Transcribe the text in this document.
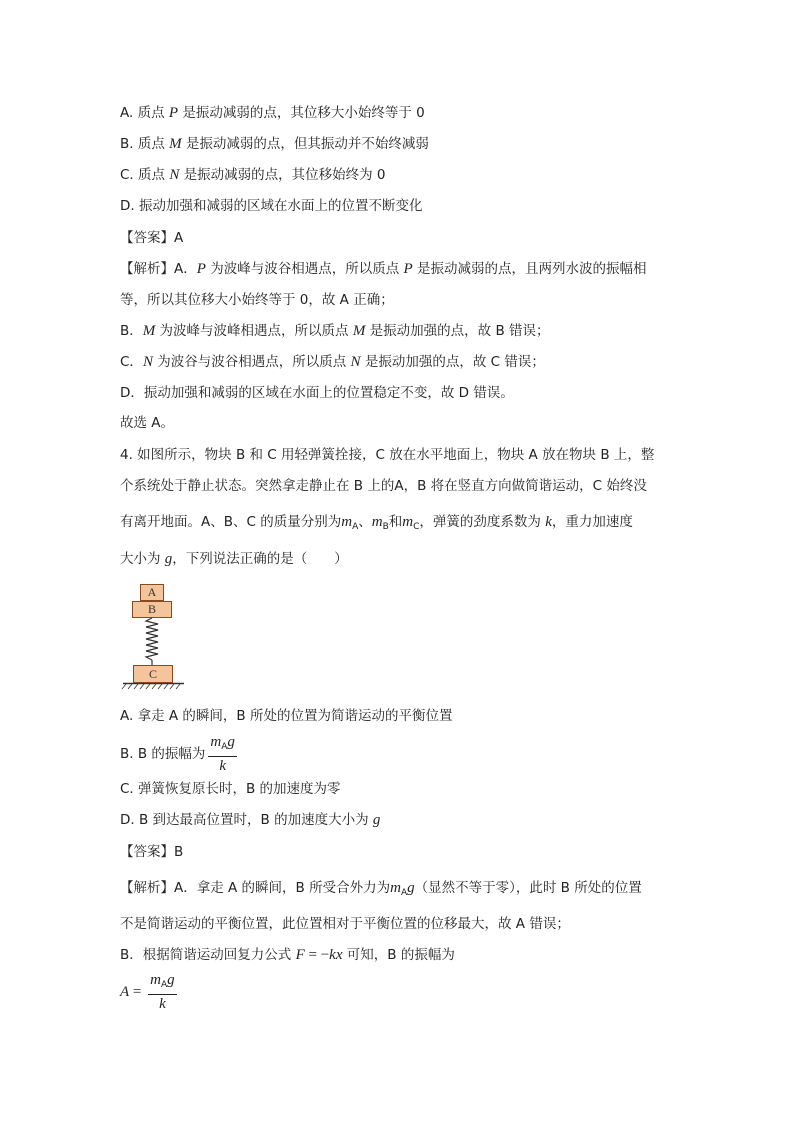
A. 质点 P 是振动减弱的点，其位移大小始终等于 0
B. 质点 M 是振动减弱的点，但其振动并不始终减弱
C. 质点 N 是振动减弱的点，其位移始终为 0
D. 振动加强和减弱的区域在水面上的位置不断变化
【答案】A
【解析】A．P 为波峰与波谷相遇点，所以质点 P 是振动减弱的点，且两列水波的振幅相
等，所以其位移大小始终等于 0，故 A 正确；
B．M 为波峰与波峰相遇点，所以质点 M 是振动加强的点，故 B 错误；
C．N 为波谷与波谷相遇点，所以质点 N 是振动加强的点，故 C 错误；
D．振动加强和减弱的区域在水面上的位置稳定不变，故 D 错误。
故选 A。
4. 如图所示，物块 B 和 C 用轻弹簧拴接，C 放在水平地面上，物块 A 放在物块 B 上，整
个系统处于静止状态。突然拿走静止在 B 上的A，B 将在竖直方向做简谐运动，C 始终没
有离开地面。A、B、C 的质量分别为$m_A$、$m_B$和$m_C$，弹簧的劲度系数为 k，重力加速度
大小为 g，下列说法正确的是（　　）
A
B
C
A. 拿走 A 的瞬间，B 所处的位置为简谐运动的平衡位置
B. B 的振幅为 $\frac{m_Ag}{k}$
C. 弹簧恢复原长时，B 的加速度为零
D. B 到达最高位置时，B 的加速度大小为 g
【答案】B
【解析】A．拿走 A 的瞬间，B 所受合外力为$m_Ag$（显然不等于零），此时 B 所处的位置
不是简谐运动的平衡位置，此位置相对于平衡位置的位移最大，故 A 错误；
B．根据简谐运动回复力公式 F = −kx 可知，B 的振幅为
$A = \frac{m_Ag}{k}$
